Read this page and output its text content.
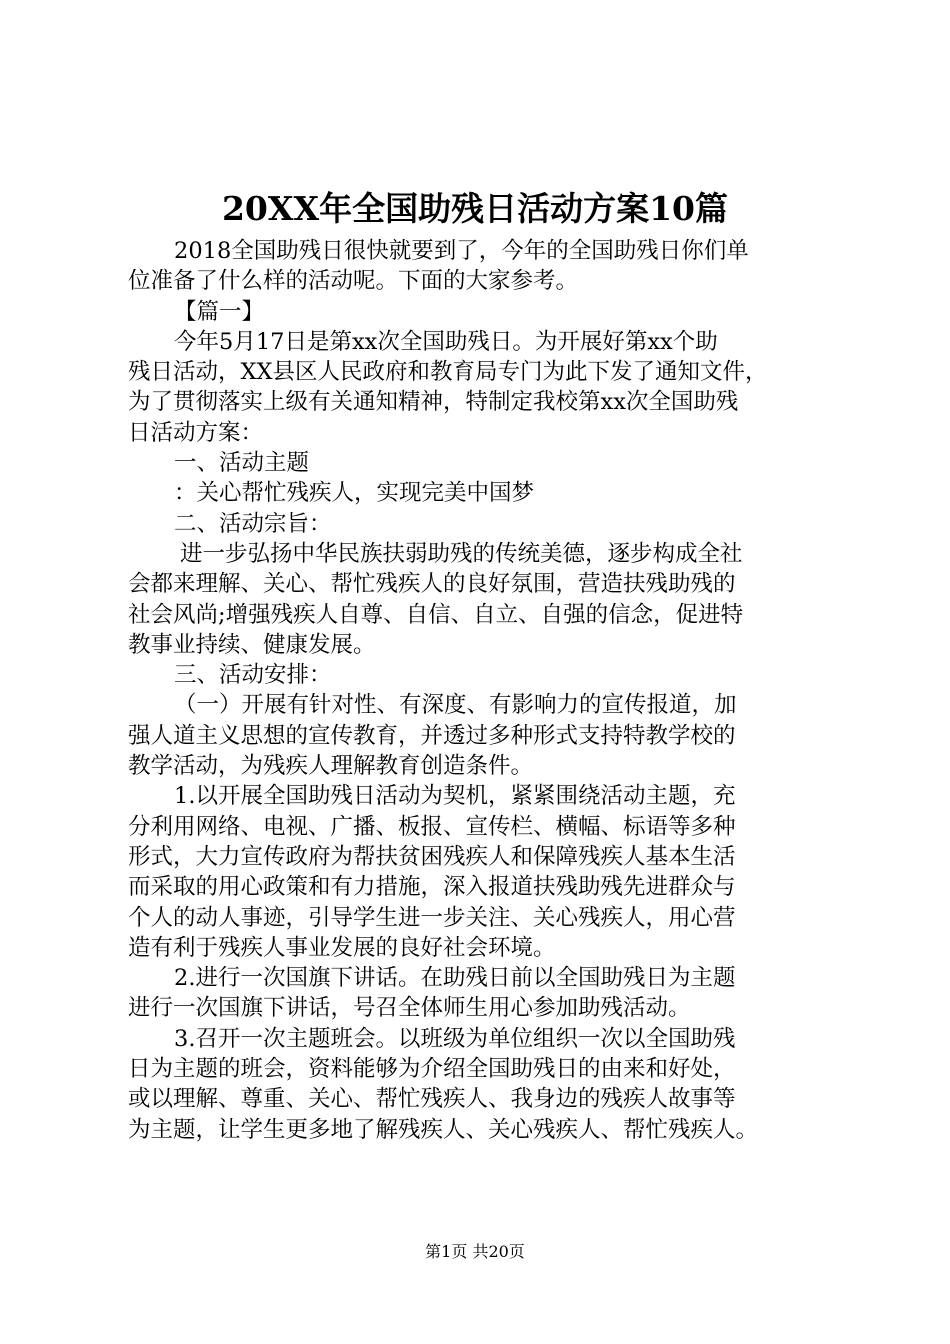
20XX年全国助残日活动方案10篇
2018全国助残日很快就要到了，今年的全国助残日你们单
位准备了什么样的活动呢。下面的大家参考。
【篇一】
今年5月17日是第xx次全国助残日。为开展好第xx个助
残日活动，XX县区人民政府和教育局专门为此下发了通知文件，
为了贯彻落实上级有关通知精神，特制定我校第xx次全国助残
日活动方案：
一、活动主题
：关心帮忙残疾人，实现完美中国梦
二、活动宗旨：
进一步弘扬中华民族扶弱助残的传统美德，逐步构成全社
会都来理解、关心、帮忙残疾人的良好氛围，营造扶残助残的
社会风尚;增强残疾人自尊、自信、自立、自强的信念，促进特
教事业持续、健康发展。
三、活动安排：
（一）开展有针对性、有深度、有影响力的宣传报道，加
强人道主义思想的宣传教育，并透过多种形式支持特教学校的
教学活动，为残疾人理解教育创造条件。
1.以开展全国助残日活动为契机，紧紧围绕活动主题，充
分利用网络、电视、广播、板报、宣传栏、横幅、标语等多种
形式，大力宣传政府为帮扶贫困残疾人和保障残疾人基本生活
而采取的用心政策和有力措施，深入报道扶残助残先进群众与
个人的动人事迹，引导学生进一步关注、关心残疾人，用心营
造有利于残疾人事业发展的良好社会环境。
2.进行一次国旗下讲话。在助残日前以全国助残日为主题
进行一次国旗下讲话，号召全体师生用心参加助残活动。
3.召开一次主题班会。以班级为单位组织一次以全国助残
日为主题的班会，资料能够为介绍全国助残日的由来和好处，
或以理解、尊重、关心、帮忙残疾人、我身边的残疾人故事等
为主题，让学生更多地了解残疾人、关心残疾人、帮忙残疾人。
第1页 共20页
